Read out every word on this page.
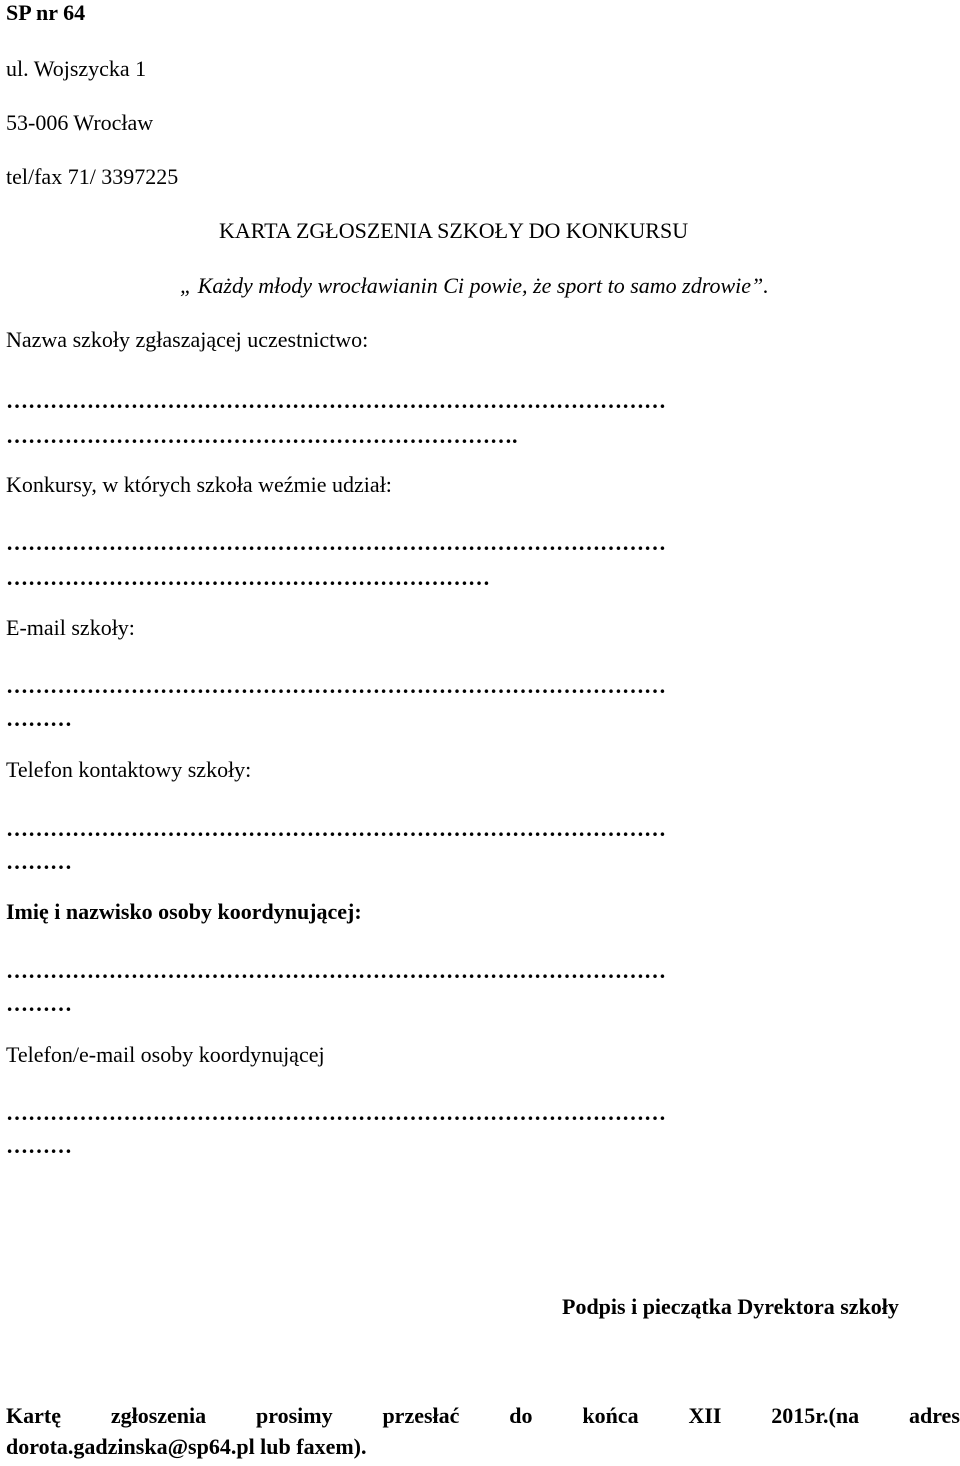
SP nr 64
ul. Wojszycka 1
53-006 Wrocław
tel/fax 71/ 3397225
KARTA ZGŁOSZENIA SZKOŁY DO KONKURSU
„ Każdy młody wrocławianin Ci powie, że sport to samo zdrowie”.
Nazwa szkoły zgłaszającej uczestnictwo:
………………………………………………………………………………
…………………………………………………………….
Konkursy, w których szkoła weźmie udział:
………………………………………………………………………………
…………………………………………………………
E-mail szkoły:
………………………………………………………………………………
………
Telefon kontaktowy szkoły:
………………………………………………………………………………
………
Imię i nazwisko osoby koordynującej:
………………………………………………………………………………
………
Telefon/e-mail osoby koordynującej
………………………………………………………………………………
………
Podpis i pieczątka Dyrektora szkoły
Kartę zgłoszenia prosimy przesłać do końca XII 2015r.(na adres
dorota.gadzinska@sp64.pl lub faxem).
